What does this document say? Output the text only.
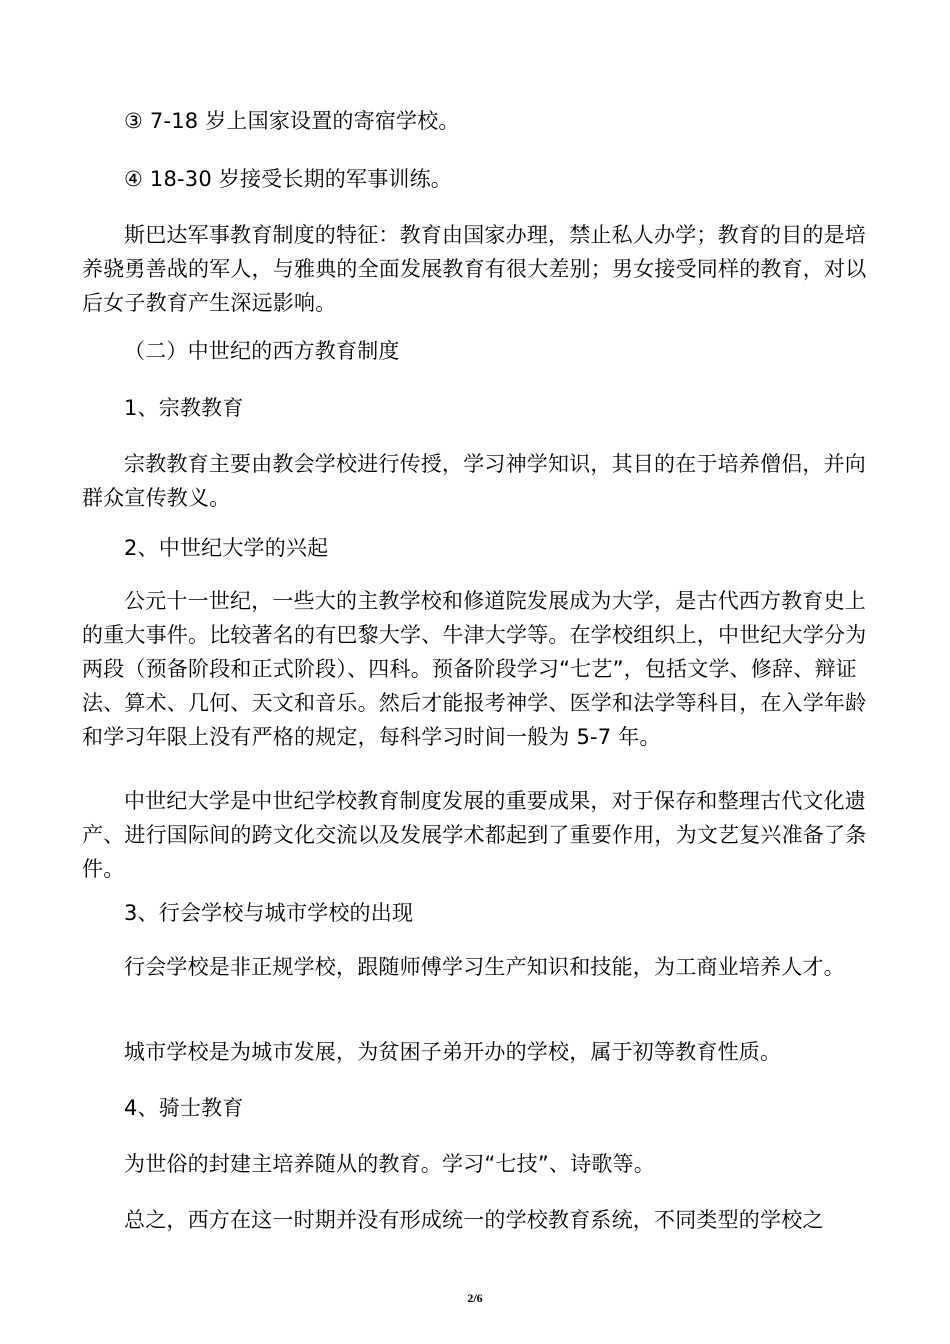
③ 7-18 岁上国家设置的寄宿学校。

④ 18-30 岁接受长期的军事训练。

斯巴达军事教育制度的特征：教育由国家办理，禁止私人办学；教育的目的是培养骁勇善战的军人，与雅典的全面发展教育有很大差别；男女接受同样的教育，对以后女子教育产生深远影响。

（二）中世纪的西方教育制度

1、宗教教育

宗教教育主要由教会学校进行传授，学习神学知识，其目的在于培养僧侣，并向群众宣传教义。

2、中世纪大学的兴起

公元十一世纪，一些大的主教学校和修道院发展成为大学，是古代西方教育史上的重大事件。比较著名的有巴黎大学、牛津大学等。在学校组织上，中世纪大学分为两段（预备阶段和正式阶段）、四科。预备阶段学习“七艺”，包括文学、修辞、辩证法、算术、几何、天文和音乐。然后才能报考神学、医学和法学等科目，在入学年龄和学习年限上没有严格的规定，每科学习时间一般为 5-7 年。

中世纪大学是中世纪学校教育制度发展的重要成果，对于保存和整理古代文化遗产、进行国际间的跨文化交流以及发展学术都起到了重要作用，为文艺复兴准备了条件。

3、行会学校与城市学校的出现

行会学校是非正规学校，跟随师傅学习生产知识和技能，为工商业培养人才。

城市学校是为城市发展，为贫困子弟开办的学校，属于初等教育性质。

4、骑士教育

为世俗的封建主培养随从的教育。学习“七技”、诗歌等。

总之，西方在这一时期并没有形成统一的学校教育系统，不同类型的学校之

2/6
